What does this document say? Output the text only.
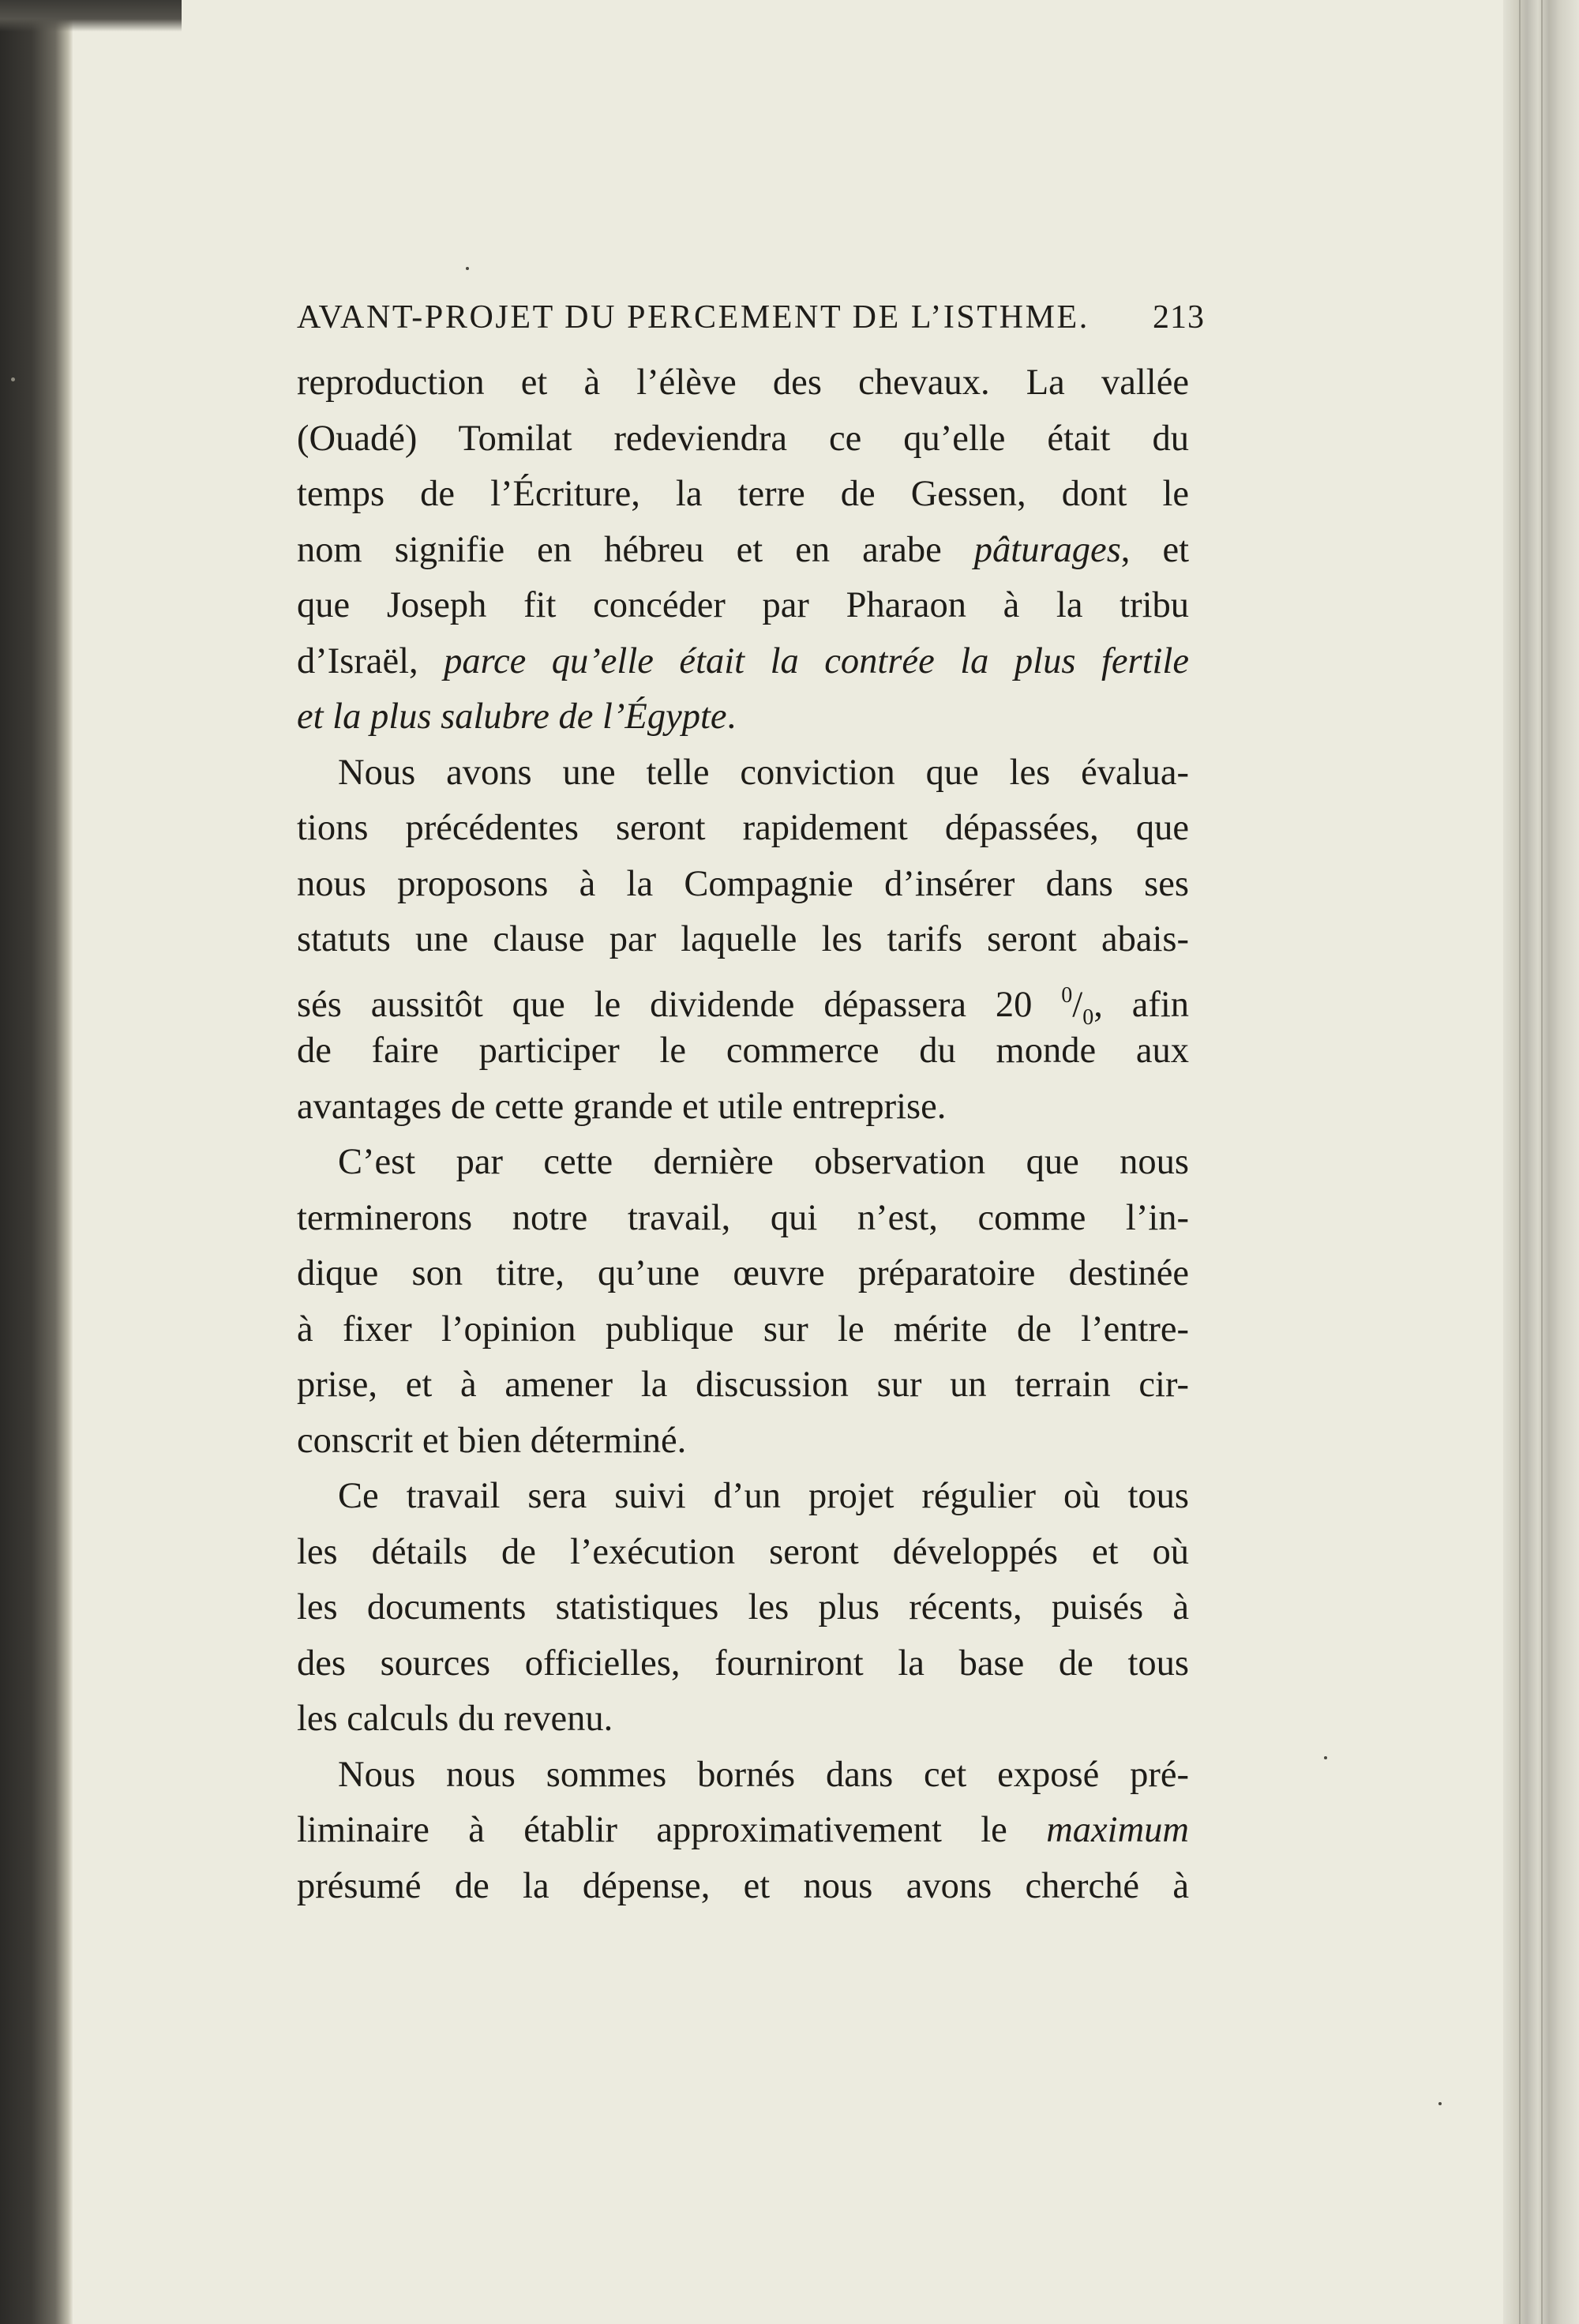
AVANT-PROJET DU PERCEMENT DE L’ISTHME. 213
reproduction et à l’élève des chevaux. La vallée
(Ouadé) Tomilat redeviendra ce qu’elle était du
temps de l’Écriture, la terre de Gessen, dont le
nom signifie en hébreu et en arabe pâturages, et
que Joseph fit concéder par Pharaon à la tribu
d’Israël, parce qu’elle était la contrée la plus fertile
et la plus salubre de l’Égypte.
Nous avons une telle conviction que les évalua-
tions précédentes seront rapidement dépassées, que
nous proposons à la Compagnie d’insérer dans ses
statuts une clause par laquelle les tarifs seront abais-
sés aussitôt que le dividende dépassera 20 $^0/_0$, afin
de faire participer le commerce du monde aux
avantages de cette grande et utile entreprise.
C’est par cette dernière observation que nous
terminerons notre travail, qui n’est, comme l’in-
dique son titre, qu’une œuvre préparatoire destinée
à fixer l’opinion publique sur le mérite de l’entre-
prise, et à amener la discussion sur un terrain cir-
conscrit et bien déterminé.
Ce travail sera suivi d’un projet régulier où tous
les détails de l’exécution seront développés et où
les documents statistiques les plus récents, puisés à
des sources officielles, fourniront la base de tous
les calculs du revenu.
Nous nous sommes bornés dans cet exposé pré-
liminaire à établir approximativement le maximum
présumé de la dépense, et nous avons cherché à
